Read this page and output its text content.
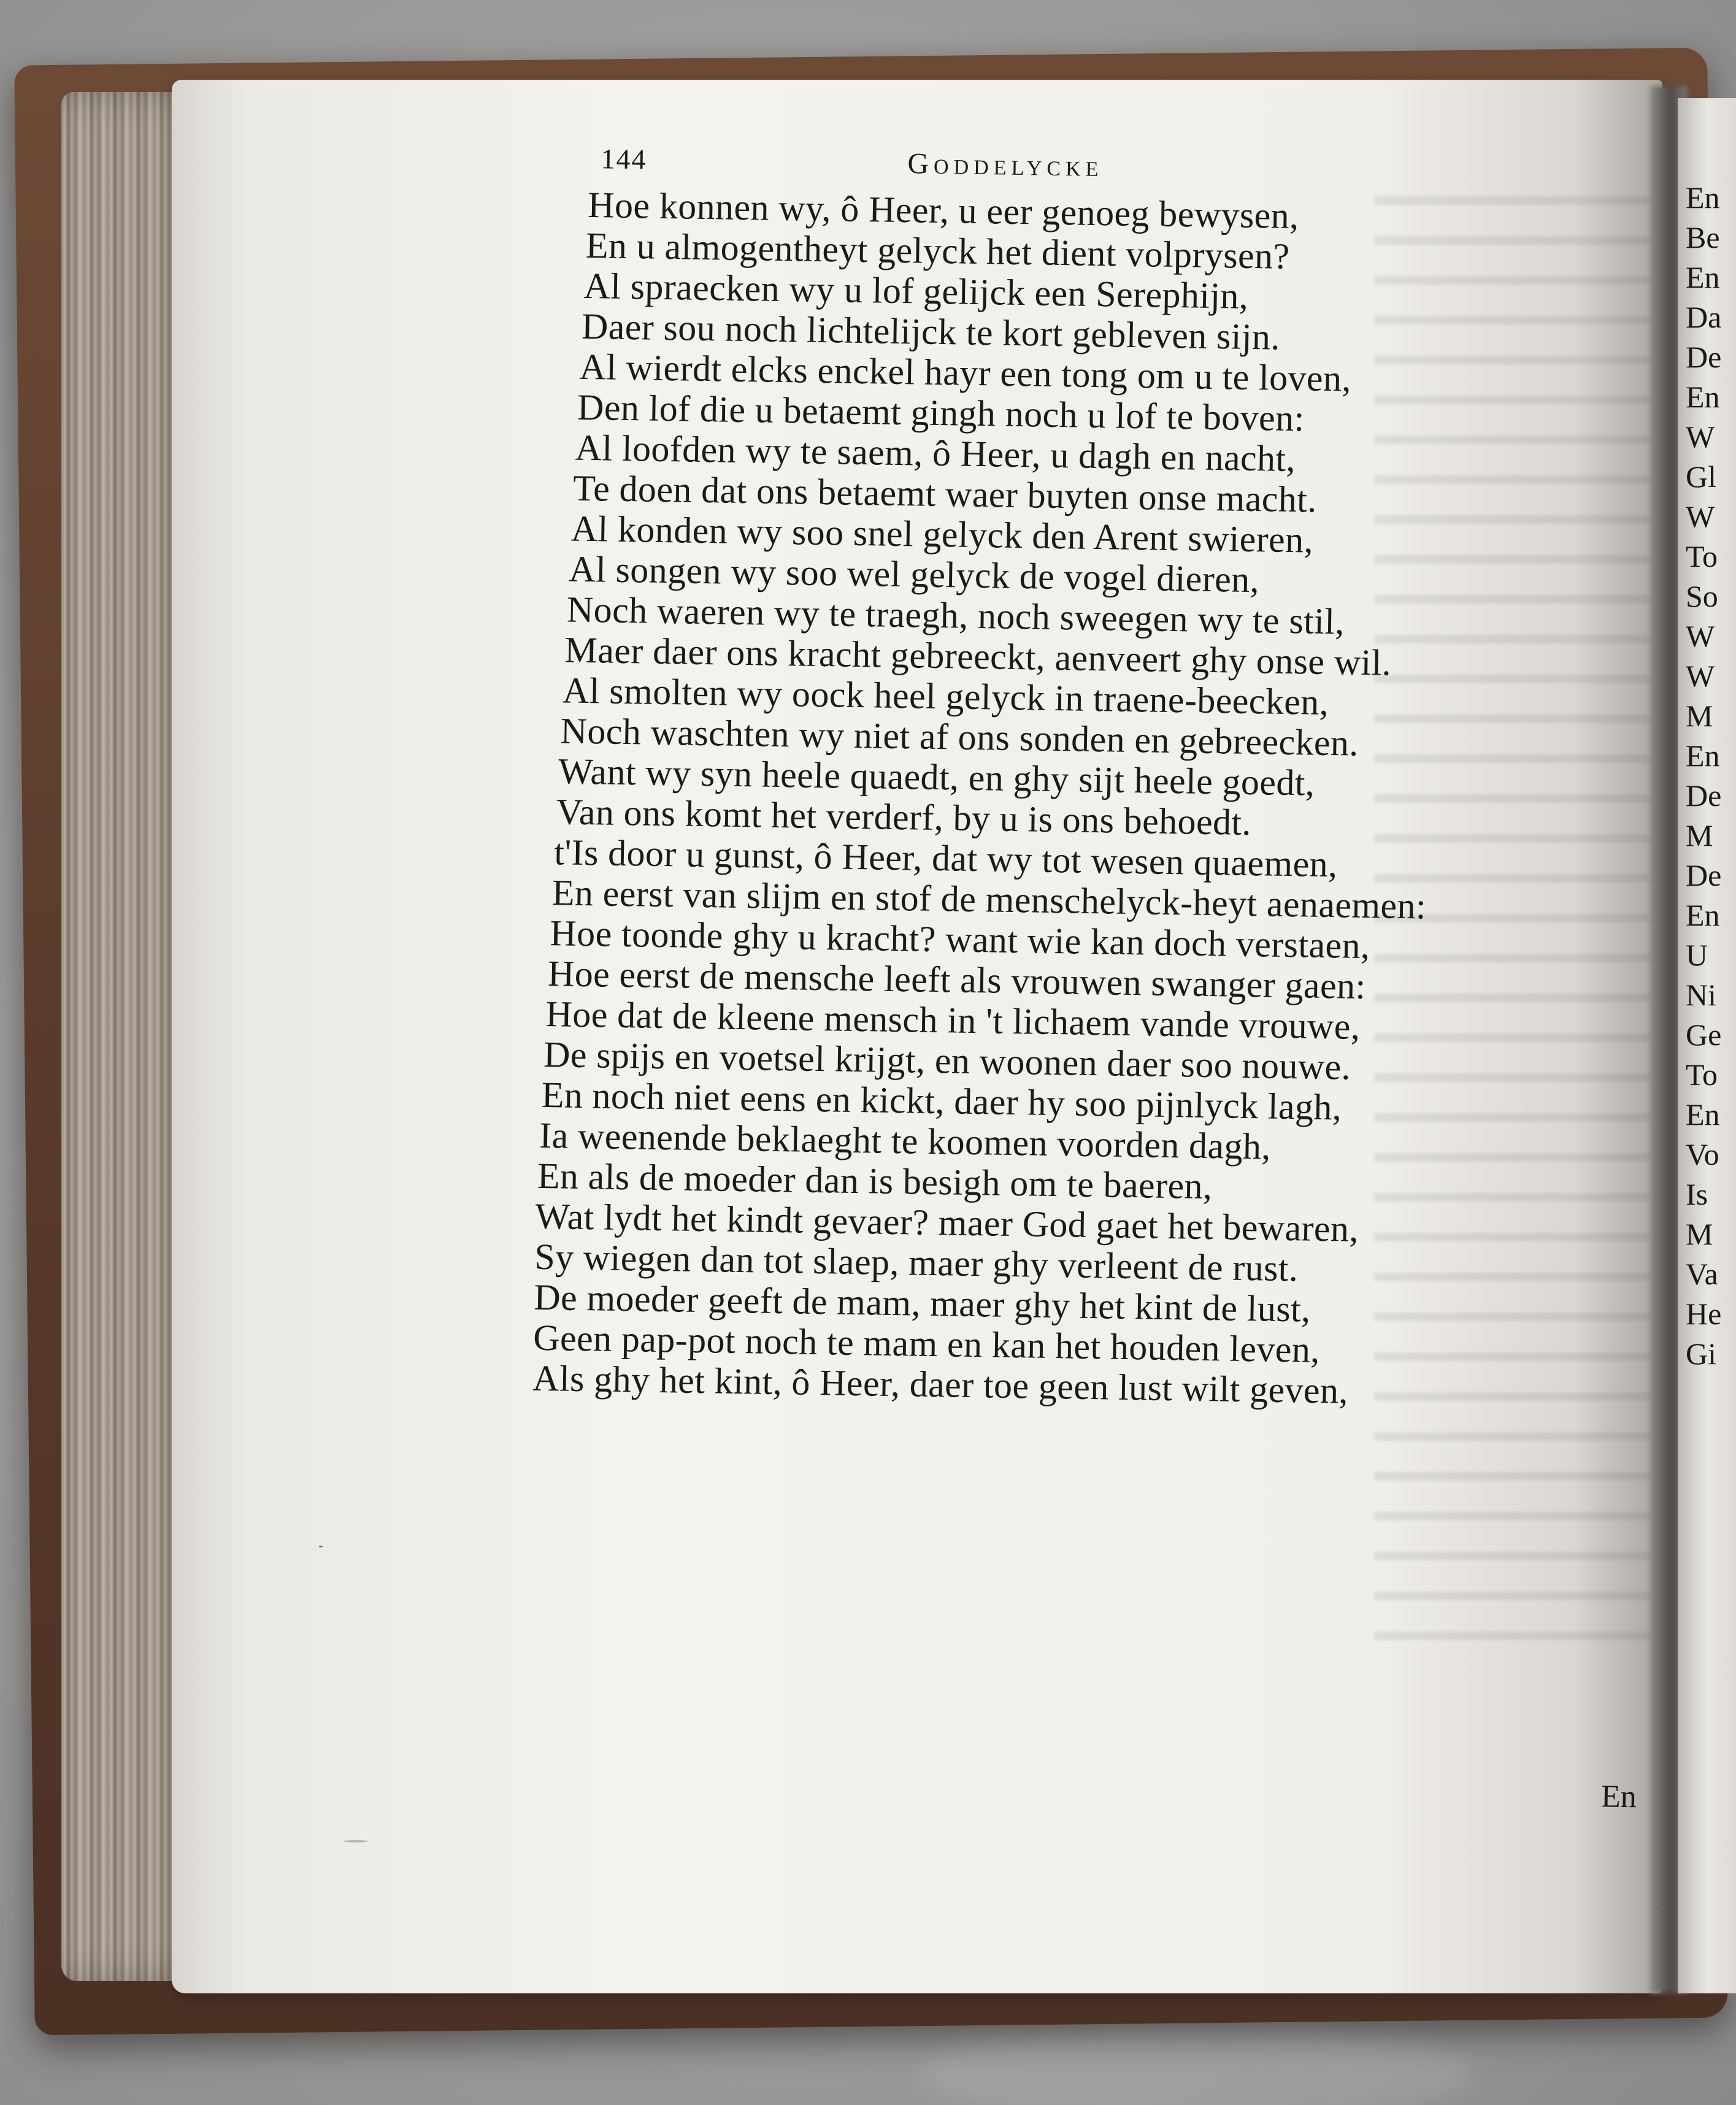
En
Be
En
Da
De
En
W
Gl
W
To
So
W
W
M
En
De
M
De
En
U
Ni
Ge
To
En
Vo
Is
M
Va
He
Gi
144	Goddelycke
Hoe konnen wy, ô Heer, u eer genoeg bewysen,
En u almogentheyt gelyck het dient volprysen?
Al spraecken wy u lof gelijck een Serephijn,
Daer sou noch lichtelijck te kort gebleven sijn.
Al wierdt elcks enckel hayr een tong om u te loven,
Den lof die u betaemt gingh noch u lof te boven:
Al loofden wy te saem, ô Heer, u dagh en nacht,
Te doen dat ons betaemt waer buyten onse macht.
Al konden wy soo snel gelyck den Arent swieren,
Al songen wy soo wel gelyck de vogel dieren,
Noch waeren wy te traegh, noch sweegen wy te stil,
Maer daer ons kracht gebreeckt, aenveert ghy onse wil.
Al smolten wy oock heel gelyck in traene-beecken,
Noch waschten wy niet af ons sonden en gebreecken.
Want wy syn heele quaedt, en ghy sijt heele goedt,
Van ons komt het verderf, by u is ons behoedt.
t'Is door u gunst, ô Heer, dat wy tot wesen quaemen,
En eerst van slijm en stof de menschelyck-heyt aenaemen:
Hoe toonde ghy u kracht? want wie kan doch verstaen,
Hoe eerst de mensche leeft als vrouwen swanger gaen:
Hoe dat de kleene mensch in 't lichaem vande vrouwe,
De spijs en voetsel krijgt, en woonen daer soo nouwe.
En noch niet eens en kickt, daer hy soo pijnlyck lagh,
Ia weenende beklaeght te koomen voorden dagh,
En als de moeder dan is besigh om te baeren,
Wat lydt het kindt gevaer? maer God gaet het bewaren,
Sy wiegen dan tot slaep, maer ghy verleent de rust.
De moeder geeft de mam, maer ghy het kint de lust,
Geen pap-pot noch te mam en kan het houden leven,
Als ghy het kint, ô Heer, daer toe geen lust wilt geven,
En
